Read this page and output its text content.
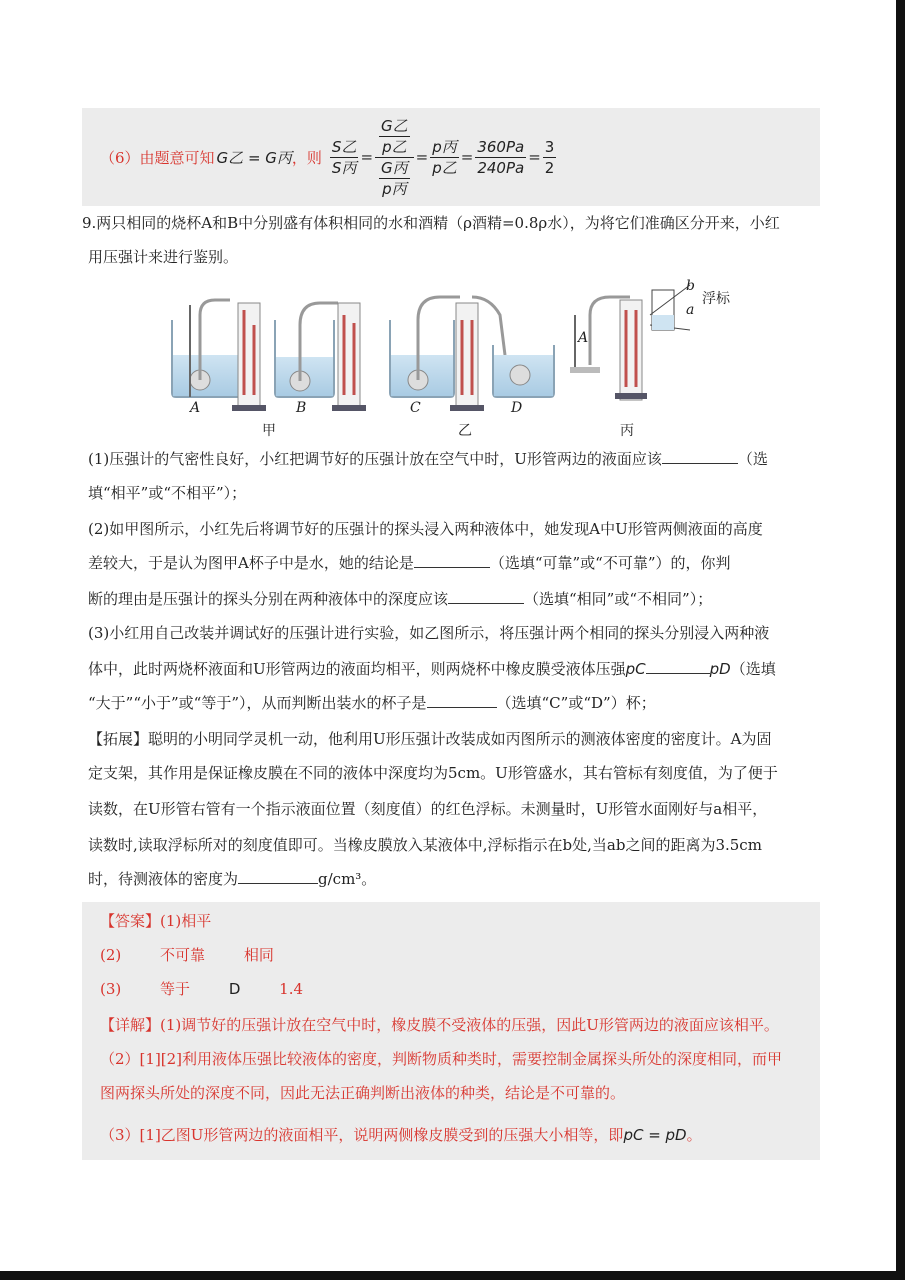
（6）由题意可知 G乙 = G丙 ，则 $\frac{\text{S乙}}{\text{S丙}} = \frac{\frac{\text{G乙}}{\text{p乙}}}{\frac{\text{G丙}}{\text{p丙}}} = \frac{\text{p丙}}{\text{p乙}} = \frac{360Pa}{240Pa} = \frac{3}{2}$
9.两只相同的烧杯A和B中分别盛有体积相同的水和酒精（ρ酒精=0.8ρ水），为将它们准确区分开来，小红
用压强计来进行鉴别。
A	B	C	D
A
b
a
浮标
甲	乙	丙
(1)压强计的气密性良好，小红把调节好的压强计放在空气中时，U形管两边的液面应该	（选
填“相平”或“不相平”）；
(2)如甲图所示，小红先后将调节好的压强计的探头浸入两种液体中，她发现A中U形管两侧液面的高度
差较大，于是认为图甲A杯子中是水，她的结论是	（选填“可靠”或“不可靠”）的，你判
断的理由是压强计的探头分别在两种液体中的深度应该	（选填“相同”或“不相同”）；
(3)小红用自己改装并调试好的压强计进行实验，如乙图所示，将压强计两个相同的探头分别浸入两种液
体中，此时两烧杯液面和U形管两边的液面均相平，则两烧杯中橡皮膜受液体压强pC	pD（选填
“大于”“小于”或“等于”），从而判断出装水的杯子是	（选填“C”或“D”）杯；
【拓展】聪明的小明同学灵机一动，他利用U形压强计改装成如丙图所示的测液体密度的密度计。A为固
定支架，其作用是保证橡皮膜在不同的液体中深度均为5cm。U形管盛水，其右管标有刻度值，为了便于
读数，在U形管右管有一个指示液面位置（刻度值）的红色浮标。未测量时，U形管水面刚好与a相平，
读数时,读取浮标所对的刻度值即可。当橡皮膜放入某液体中,浮标指示在b处,当ab之间的距离为3.5cm
时，待测液体的密度为	g/cm³。
【答案】(1)相平
(2)	不可靠	相同
(3)	等于	D	1.4
【详解】(1)调节好的压强计放在空气中时，橡皮膜不受液体的压强，因此U形管两边的液面应该相平。
（2）[1][2]利用液体压强比较液体的密度，判断物质种类时，需要控制金属探头所处的深度相同，而甲
图两探头所处的深度不同，因此无法正确判断出液体的种类，结论是不可靠的。
（3）[1]乙图U形管两边的液面相平，说明两侧橡皮膜受到的压强大小相等，即pC = pD。
